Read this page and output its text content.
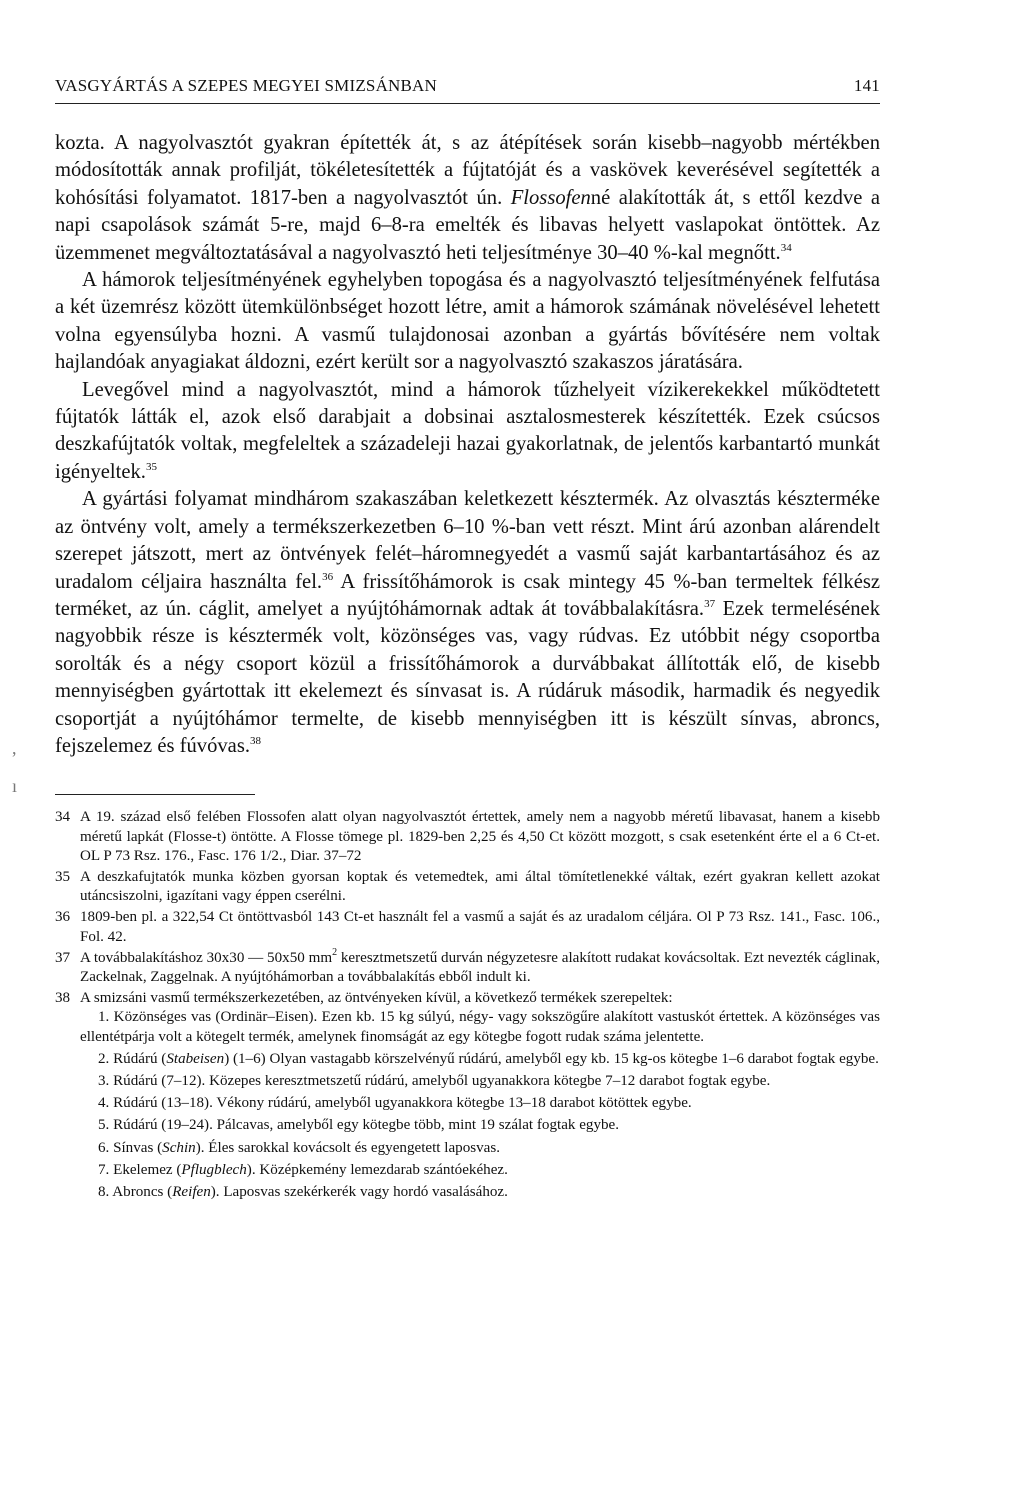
,
ı
VASGYÁRTÁS A SZEPES MEGYEI SMIZSÁNBAN	141

kozta. A nagyolvasztót gyakran építették át, s az átépítések során kisebb–nagyobb mértékben módosították annak profilját, tökéletesítették a fújtatóját és a vaskövek keverésével segítették a kohósítási folyamatot. 1817-ben a nagyolvasztót ún. Flossofenné alakították át, s ettől kezdve a napi csapolások számát 5-re, majd 6–8-ra emelték és libavas helyett vaslapokat öntöttek. Az üzemmenet megváltoztatásával a nagyolvasztó heti teljesítménye 30–40 %-kal megnőtt.$^{34}$

A hámorok teljesítményének egyhelyben topogása és a nagyolvasztó teljesítményének felfutása a két üzemrész között ütemkülönbséget hozott létre, amit a hámorok számának növelésével lehetett volna egyensúlyba hozni. A vasmű tulajdonosai azonban a gyártás bővítésére nem voltak hajlandóak anyagiakat áldozni, ezért került sor a nagyolvasztó szakaszos járatására.

Levegővel mind a nagyolvasztót, mind a hámorok tűzhelyeit vízikerekekkel működtetett fújtatók látták el, azok első darabjait a dobsinai asztalosmesterek készítették. Ezek csúcsos deszkafújtatók voltak, megfeleltek a századeleji hazai gyakorlatnak, de jelentős karbantartó munkát igényeltek.$^{35}$

A gyártási folyamat mindhárom szakaszában keletkezett késztermék. Az olvasztás készterméke az öntvény volt, amely a termékszerkezetben 6–10 %-ban vett részt. Mint árú azonban alárendelt szerepet játszott, mert az öntvények felét–háromnegyedét a vasmű saját karbantartásához és az uradalom céljaira használta fel.$^{36}$ A frissítőhámorok is csak mintegy 45 %-ban termeltek félkész terméket, az ún. cáglit, amelyet a nyújtóhámornak adtak át továbbalakításra.$^{37}$ Ezek termelésének nagyobbik része is késztermék volt, közönséges vas, vagy rúdvas. Ez utóbbit négy csoportba sorolták és a négy csoport közül a frissítőhámorok a durvábbakat állították elő, de kisebb mennyiségben gyártottak itt ekelemezt és sínvasat is. A rúdáruk második, harmadik és negyedik csoportját a nyújtóhámor termelte, de kisebb mennyiségben itt is készült sínvas, abroncs, fejszelemez és fúvóvas.$^{38}$

34 A 19. század első felében Flossofen alatt olyan nagyolvasztót értettek, amely nem a nagyobb méretű libavasat, hanem a kisebb méretű lapkát (Flosse-t) öntötte. A Flosse tömege pl. 1829-ben 2,25 és 4,50 Ct között mozgott, s csak esetenként érte el a 6 Ct-et. OL P 73 Rsz. 176., Fasc. 176 1/2., Diar. 37–72
35 A deszkafujtatók munka közben gyorsan koptak és vetemedtek, ami által tömítetlenekké váltak, ezért gyakran kellett azokat utáncsiszolni, igazítani vagy éppen cserélni.
36 1809-ben pl. a 322,54 Ct öntöttvasból 143 Ct-et használt fel a vasmű a saját és az uradalom céljára. Ol P 73 Rsz. 141., Fasc. 106., Fol. 42.
37 A továbbalakításhoz 30x30 — 50x50 mm$^2$ keresztmetszetű durván négyzetesre alakított rudakat kovácsoltak. Ezt nevezték cáglinak, Zackelnak, Zaggelnak. A nyújtóhámorban a továbbalakítás ebből indult ki.
38 A smizsáni vasmű termékszerkezetében, az öntvényeken kívül, a következő termékek szerepeltek:

1. Közönséges vas (Ordinär–Eisen). Ezen kb. 15 kg súlyú, négy- vagy sokszögűre alakított vastuskót értettek. A közönséges vas ellentétpárja volt a kötegelt termék, amelynek finomságát az egy kötegbe fogott rudak száma jelentette.

2. Rúdárú (Stabeisen) (1–6) Olyan vastagabb körszelvényű rúdárú, amelyből egy kb. 15 kg-os kötegbe 1–6 darabot fogtak egybe.

3. Rúdárú (7–12). Közepes keresztmetszetű rúdárú, amelyből ugyanakkora kötegbe 7–12 darabot fogtak egybe.

4. Rúdárú (13–18). Vékony rúdárú, amelyből ugyanakkora kötegbe 13–18 darabot kötöttek egybe.

5. Rúdárú (19–24). Pálcavas, amelyből egy kötegbe több, mint 19 szálat fogtak egybe.

6. Sínvas (Schin). Éles sarokkal kovácsolt és egyengetett laposvas.

7. Ekelemez (Pflugblech). Középkemény lemezdarab szántóekéhez.

8. Abroncs (Reifen). Laposvas szekérkerék vagy hordó vasalásához.
